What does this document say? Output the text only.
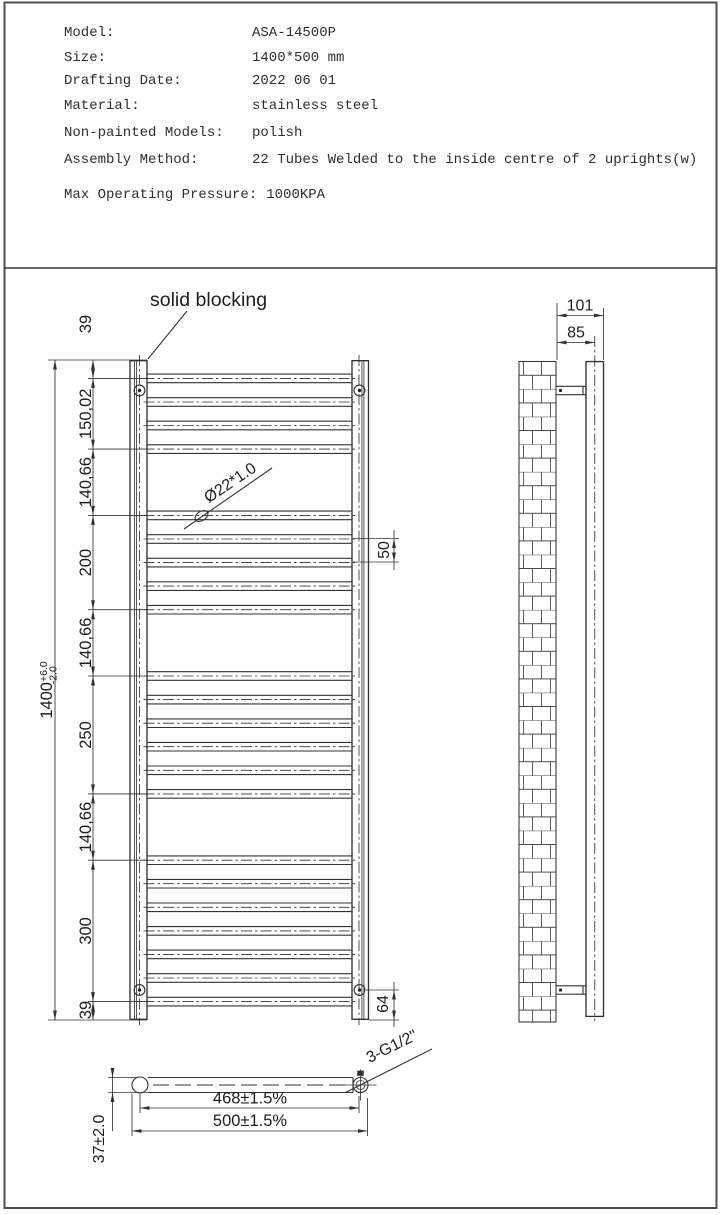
Model:	ASA-14500P
Size:	1400*500 mm
Drafting Date:	2022 06 01
Material:	stainless steel
Non-painted Models: polish
Assembly Method:	22 Tubes Welded to the inside centre of 2 uprights(w)
Max Operating Pressure: 1000KPA
$1400^{+6.0}-2.0$
39
150,02
140,66
200
140,66
250
140,66
300
39
50
64
solid blocking
Ø22*1.0
101
85
37±2.0
468±1.5%
500±1.5%
3-G1/2"
